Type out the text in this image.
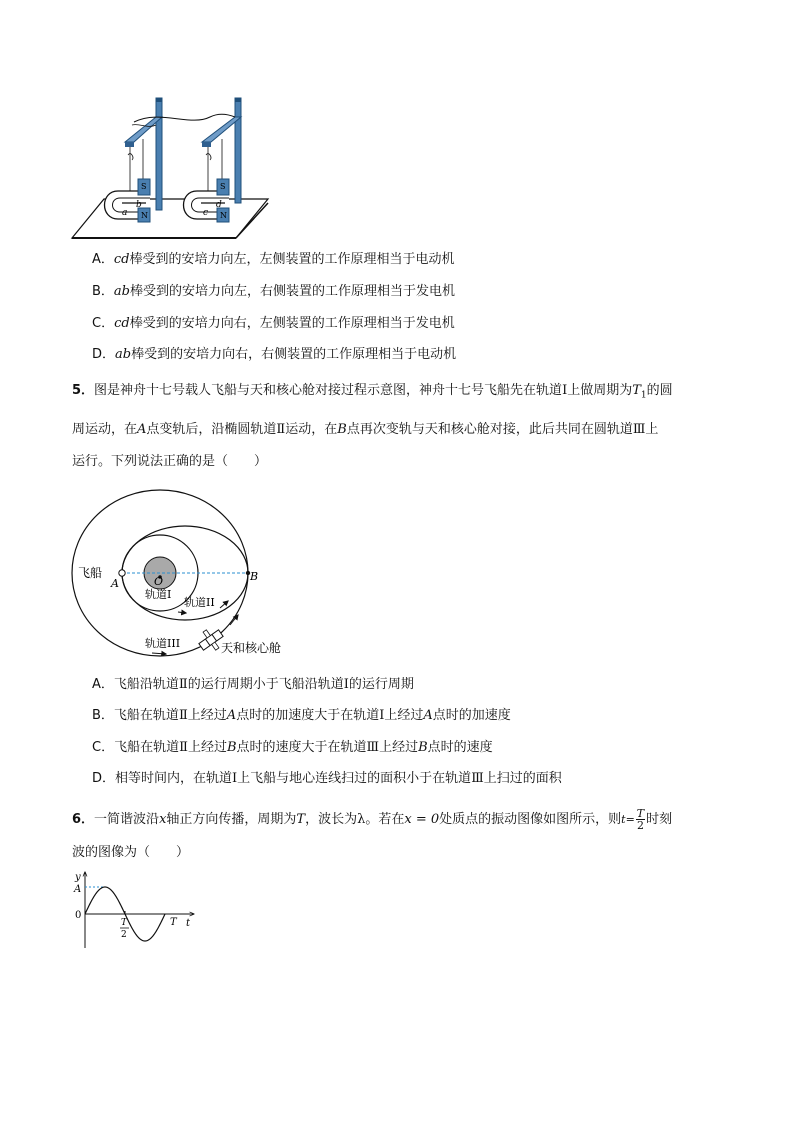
S
N
S
N
a
b
c
d
A．cd棒受到的安培力向左，左侧装置的工作原理相当于电动机
B．ab棒受到的安培力向左，右侧装置的工作原理相当于发电机
C．cd棒受到的安培力向右，左侧装置的工作原理相当于发电机
D．ab棒受到的安培力向右，右侧装置的工作原理相当于电动机
5．图是神舟十七号载人飞船与天和核心舱对接过程示意图，神舟十七号飞船先在轨道Ⅰ上做周期为$T_1$的圆
周运动，在A点变轨后，沿椭圆轨道Ⅱ运动，在B点再次变轨与天和核心舱对接，此后共同在圆轨道Ⅲ上
运行。下列说法正确的是（　　）
飞船
A
B
O
轨道I
轨道II
轨道III	天和核心舱
A．飞船沿轨道Ⅱ的运行周期小于飞船沿轨道Ⅰ的运行周期
B．飞船在轨道Ⅱ上经过A点时的加速度大于在轨道Ⅰ上经过A点时的加速度
C．飞船在轨道Ⅱ上经过B点时的速度大于在轨道Ⅲ上经过B点时的速度
D．相等时间内，在轨道Ⅰ上飞船与地心连线扫过的面积小于在轨道Ⅲ上扫过的面积
6．一简谐波沿x轴正方向传播，周期为T，波长为λ。若在x = 0处质点的振动图像如图所示，则$t= \frac{T}{2}$ 时刻
波的图像为（　　）
y
A
0
t
T
T
2
